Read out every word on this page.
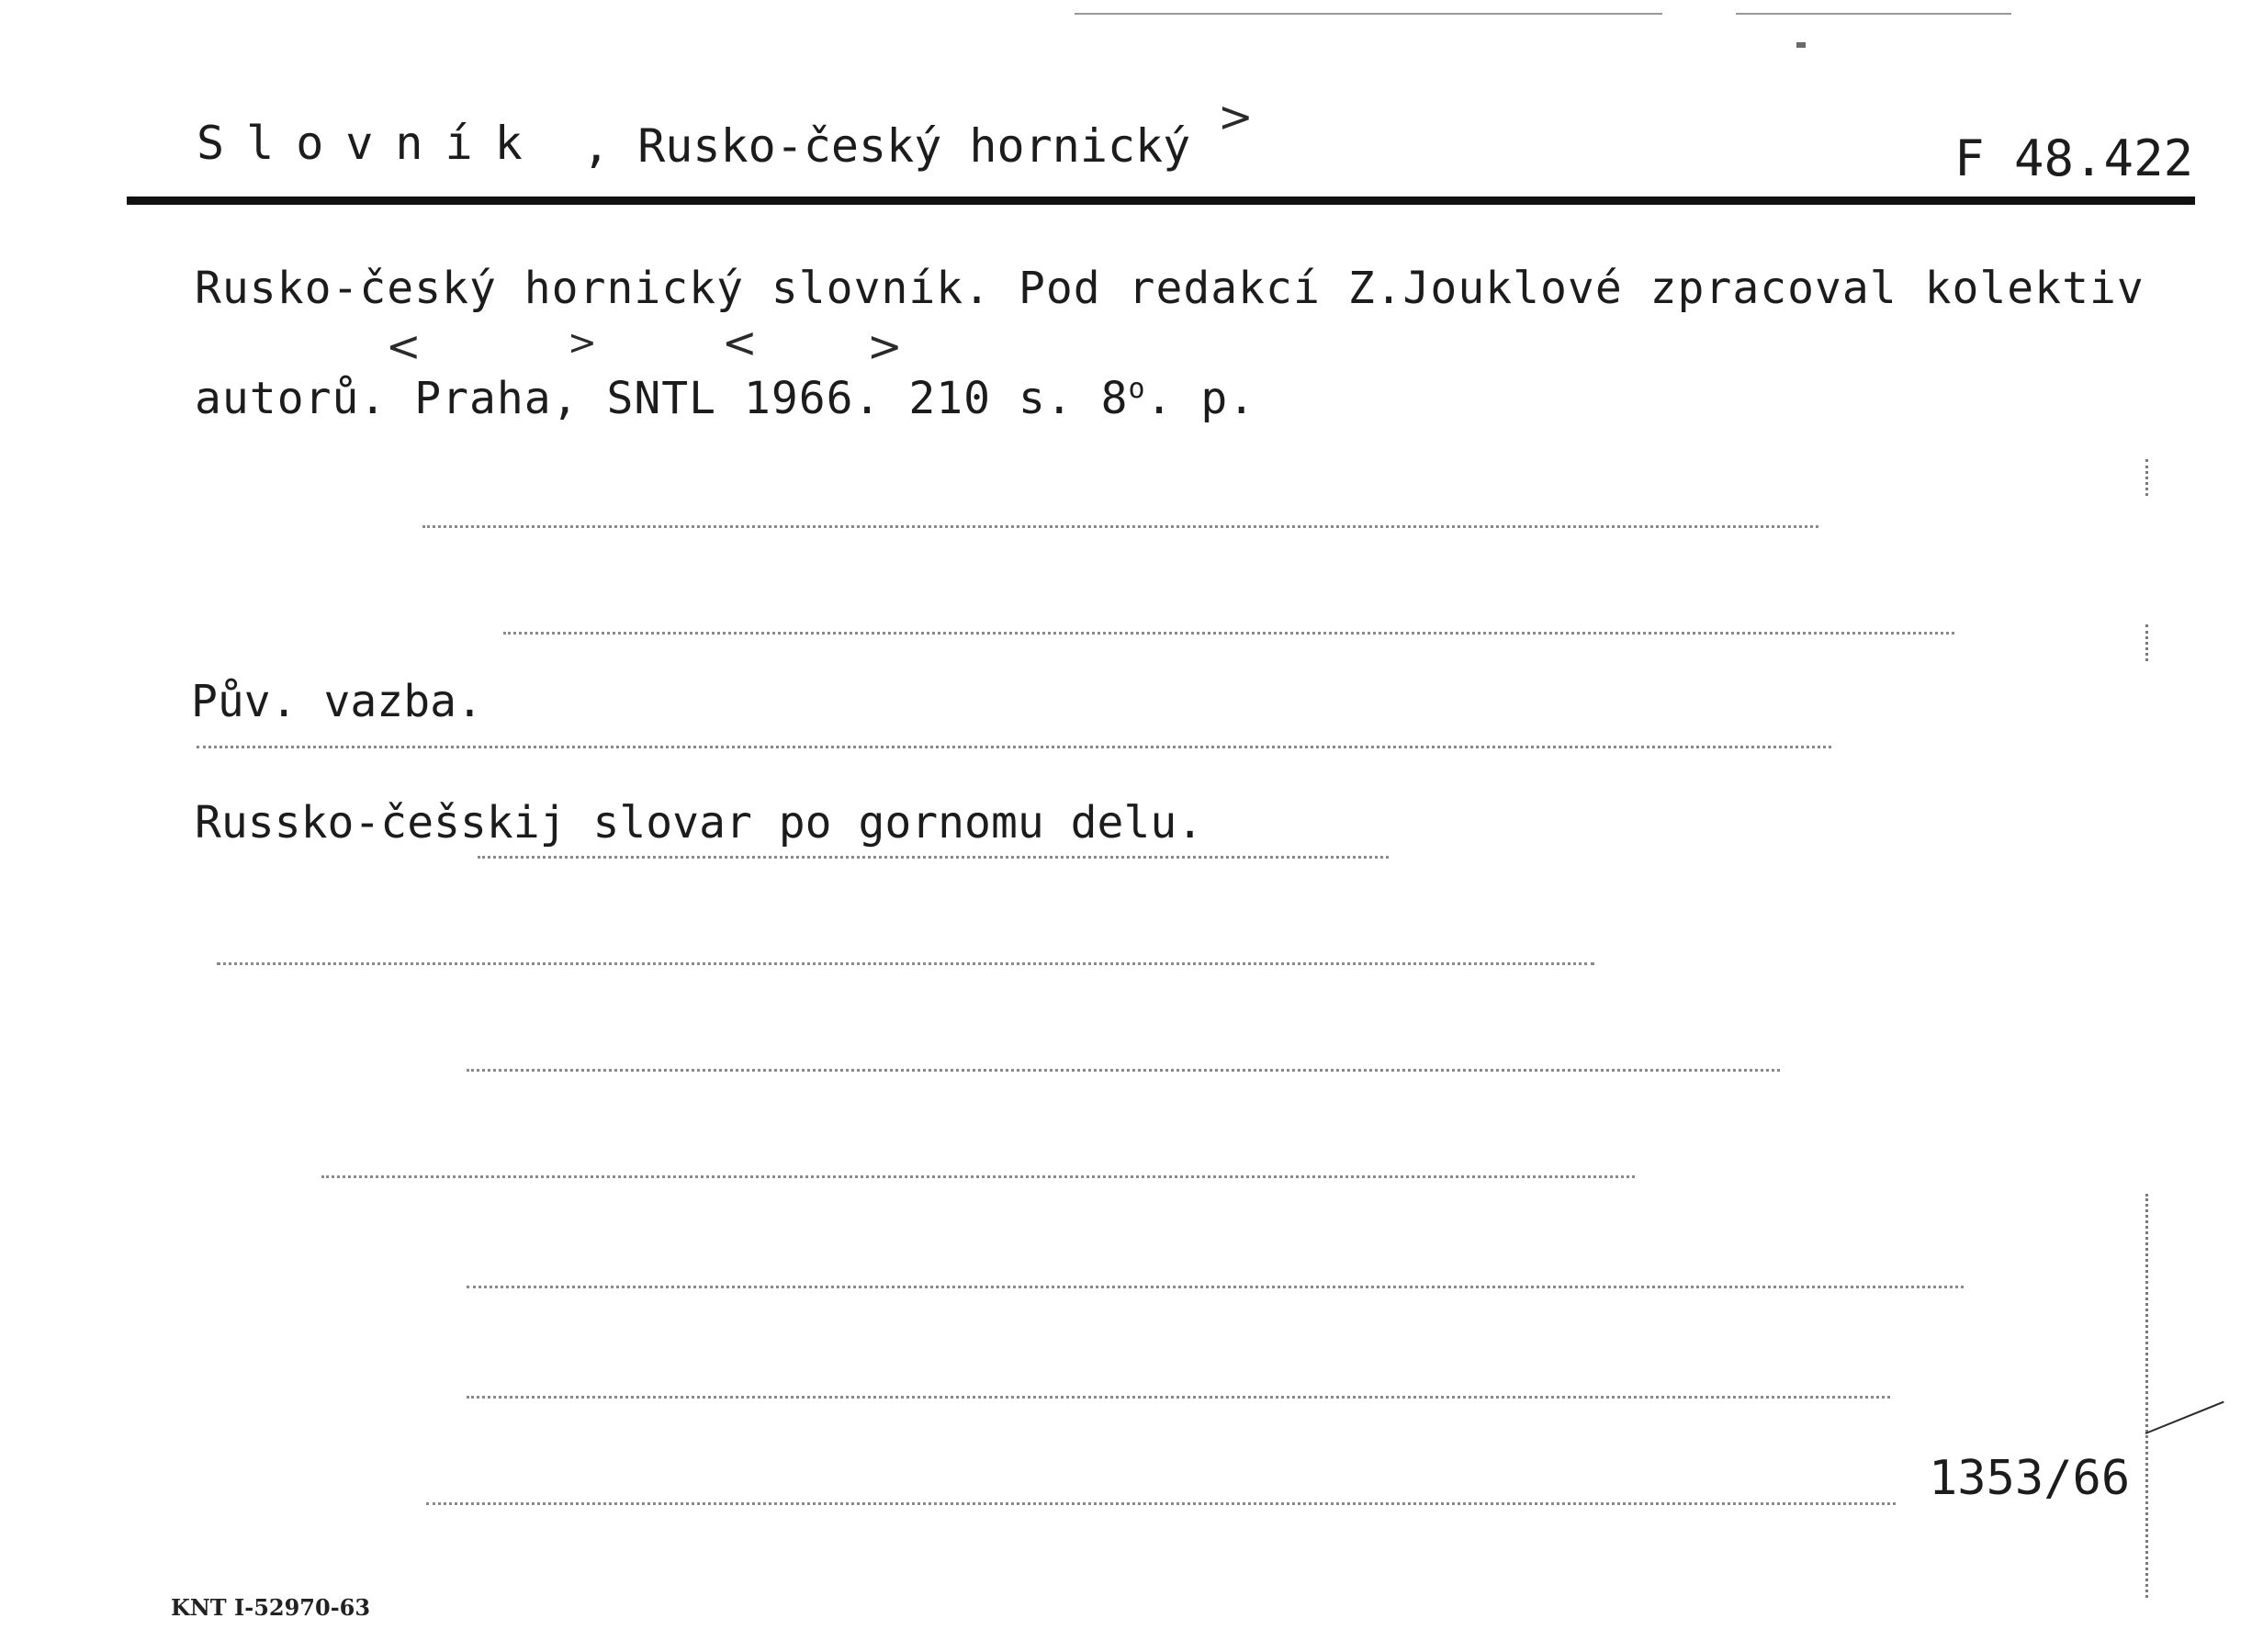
Slovník , Rusko-český hornický
>
F 48.422
Rusko-český hornický slovník. Pod redakcí Z.Jouklové zpracoval kolektiv
<	>	<	>
autorů. Praha, SNTL 1966. 210 s. 8$^o$. p.
Pův. vazba.
Russko-češskij slovar po gornomu delu.
1353/66
KNT I-52970-63
